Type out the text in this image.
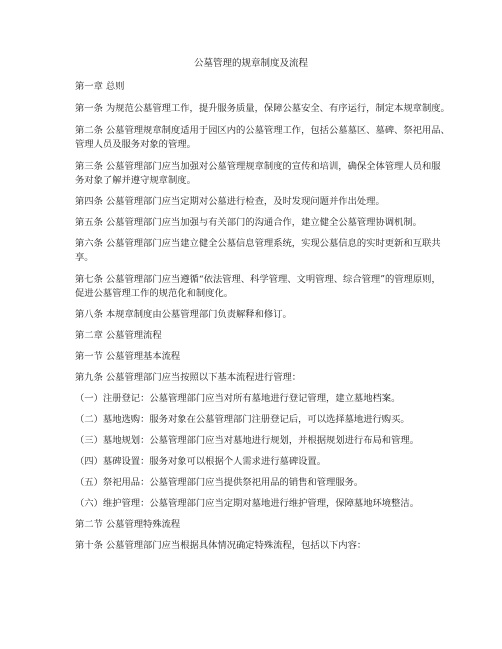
公墓管理的规章制度及流程
第一章 总则
第一条 为规范公墓管理工作，提升服务质量，保障公墓安全、有序运行，制定本规章制度。
第二条 公墓管理规章制度适用于园区内的公墓管理工作，包括公墓墓区、墓碑、祭祀用品、
管理人员及服务对象的管理。
第三条 公墓管理部门应当加强对公墓管理规章制度的宣传和培训，确保全体管理人员和服
务对象了解并遵守规章制度。
第四条 公墓管理部门应当定期对公墓进行检查，及时发现问题并作出处理。
第五条 公墓管理部门应当加强与有关部门的沟通合作，建立健全公墓管理协调机制。
第六条 公墓管理部门应当建立健全公墓信息管理系统，实现公墓信息的实时更新和互联共
享。
第七条 公墓管理部门应当遵循“依法管理、科学管理、文明管理、综合管理”的管理原则，
促进公墓管理工作的规范化和制度化。
第八条 本规章制度由公墓管理部门负责解释和修订。
第二章 公墓管理流程
第一节 公墓管理基本流程
第九条 公墓管理部门应当按照以下基本流程进行管理：
（一）注册登记：公墓管理部门应当对所有墓地进行登记管理，建立墓地档案。
（二）墓地选购：服务对象在公墓管理部门注册登记后，可以选择墓地进行购买。
（三）墓地规划：公墓管理部门应当对墓地进行规划，并根据规划进行布局和管理。
（四）墓碑设置：服务对象可以根据个人需求进行墓碑设置。
（五）祭祀用品：公墓管理部门应当提供祭祀用品的销售和管理服务。
（六）维护管理：公墓管理部门应当定期对墓地进行维护管理，保障墓地环境整洁。
第二节 公墓管理特殊流程
第十条 公墓管理部门应当根据具体情况确定特殊流程，包括以下内容：
